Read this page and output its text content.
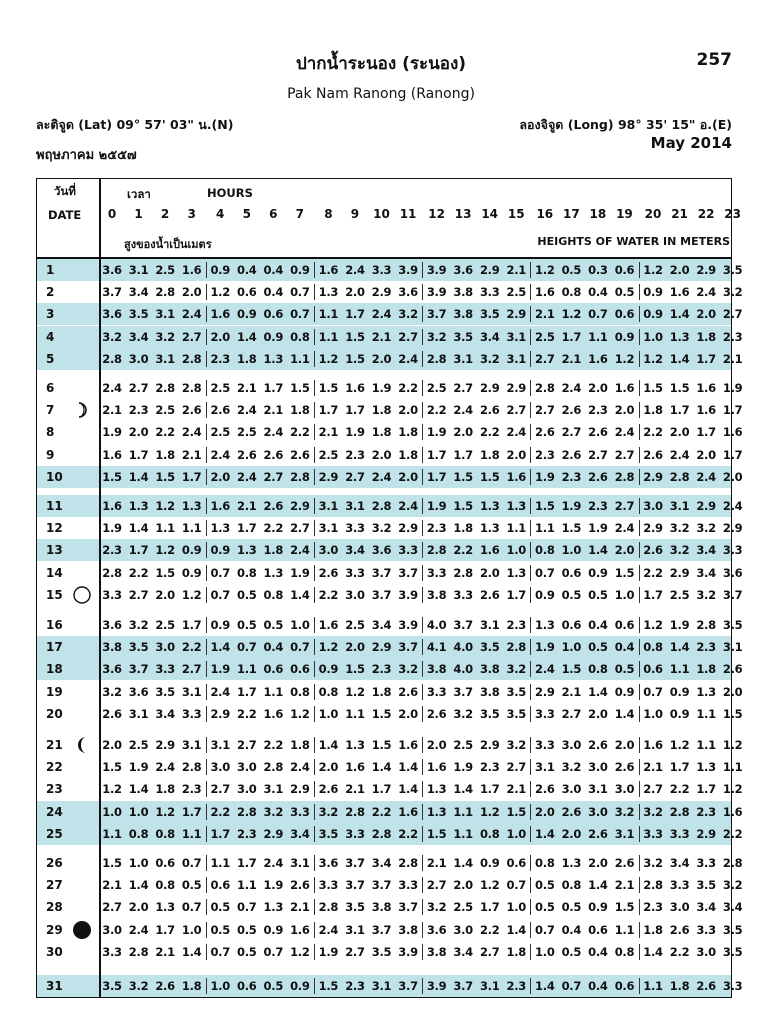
ปากน้ำระนอง (ระนอง)	257
Pak Nam Ranong (Ranong)
ละติจูด (Lat) 09° 57' 03" น.(N)	ลองจิจูด (Long) 98° 35' 15" อ.(E)
พฤษภาคม ๒๕๕๗
May 2014
วันที่
DATE
เวลา	HOURS
สูงของน้ำเป็นเมตร	HEIGHTS OF WATER IN METERS
0	1	2	3	4	5	6	7	8	9	10 11 12 13 14 15 16 17 18 19 20 21 22 23
1	3.6 3.1 2.5 1.6 0.9 0.4 0.4 0.9 1.6 2.4 3.3 3.9 3.9 3.6 2.9 2.1 1.2 0.5 0.3 0.6 1.2 2.0 2.9 3.5
2	3.7 3.4 2.8 2.0 1.2 0.6 0.4 0.7 1.3 2.0 2.9 3.6 3.9 3.8 3.3 2.5 1.6 0.8 0.4 0.5 0.9 1.6 2.4 3.2
3	3.6 3.5 3.1 2.4 1.6 0.9 0.6 0.7 1.1 1.7 2.4 3.2 3.7 3.8 3.5 2.9 2.1 1.2 0.7 0.6 0.9 1.4 2.0 2.7
4	3.2 3.4 3.2 2.7 2.0 1.4 0.9 0.8 1.1 1.5 2.1 2.7 3.2 3.5 3.4 3.1 2.5 1.7 1.1 0.9 1.0 1.3 1.8 2.3
5	2.8 3.0 3.1 2.8 2.3 1.8 1.3 1.1 1.2 1.5 2.0 2.4 2.8 3.1 3.2 3.1 2.7 2.1 1.6 1.2 1.2 1.4 1.7 2.1
6	2.4 2.7 2.8 2.8 2.5 2.1 1.7 1.5 1.5 1.6 1.9 2.2 2.5 2.7 2.9 2.9 2.8 2.4 2.0 1.6 1.5 1.5 1.6 1.9
7	2.1 2.3 2.5 2.6 2.6 2.4 2.1 1.8 1.7 1.7 1.8 2.0 2.2 2.4 2.6 2.7 2.7 2.6 2.3 2.0 1.8 1.7 1.6 1.7
8	1.9 2.0 2.2 2.4 2.5 2.5 2.4 2.2 2.1 1.9 1.8 1.8 1.9 2.0 2.2 2.4 2.6 2.7 2.6 2.4 2.2 2.0 1.7 1.6
9	1.6 1.7 1.8 2.1 2.4 2.6 2.6 2.6 2.5 2.3 2.0 1.8 1.7 1.7 1.8 2.0 2.3 2.6 2.7 2.7 2.6 2.4 2.0 1.7
10	1.5 1.4 1.5 1.7 2.0 2.4 2.7 2.8 2.9 2.7 2.4 2.0 1.7 1.5 1.5 1.6 1.9 2.3 2.6 2.8 2.9 2.8 2.4 2.0
11	1.6 1.3 1.2 1.3 1.6 2.1 2.6 2.9 3.1 3.1 2.8 2.4 1.9 1.5 1.3 1.3 1.5 1.9 2.3 2.7 3.0 3.1 2.9 2.4
12	1.9 1.4 1.1 1.1 1.3 1.7 2.2 2.7 3.1 3.3 3.2 2.9 2.3 1.8 1.3 1.1 1.1 1.5 1.9 2.4 2.9 3.2 3.2 2.9
13	2.3 1.7 1.2 0.9 0.9 1.3 1.8 2.4 3.0 3.4 3.6 3.3 2.8 2.2 1.6 1.0 0.8 1.0 1.4 2.0 2.6 3.2 3.4 3.3
14	2.8 2.2 1.5 0.9 0.7 0.8 1.3 1.9 2.6 3.3 3.7 3.7 3.3 2.8 2.0 1.3 0.7 0.6 0.9 1.5 2.2 2.9 3.4 3.6
15	3.3 2.7 2.0 1.2 0.7 0.5 0.8 1.4 2.2 3.0 3.7 3.9 3.8 3.3 2.6 1.7 0.9 0.5 0.5 1.0 1.7 2.5 3.2 3.7
16	3.6 3.2 2.5 1.7 0.9 0.5 0.5 1.0 1.6 2.5 3.4 3.9 4.0 3.7 3.1 2.3 1.3 0.6 0.4 0.6 1.2 1.9 2.8 3.5
17	3.8 3.5 3.0 2.2 1.4 0.7 0.4 0.7 1.2 2.0 2.9 3.7 4.1 4.0 3.5 2.8 1.9 1.0 0.5 0.4 0.8 1.4 2.3 3.1
18	3.6 3.7 3.3 2.7 1.9 1.1 0.6 0.6 0.9 1.5 2.3 3.2 3.8 4.0 3.8 3.2 2.4 1.5 0.8 0.5 0.6 1.1 1.8 2.6
19	3.2 3.6 3.5 3.1 2.4 1.7 1.1 0.8 0.8 1.2 1.8 2.6 3.3 3.7 3.8 3.5 2.9 2.1 1.4 0.9 0.7 0.9 1.3 2.0
20	2.6 3.1 3.4 3.3 2.9 2.2 1.6 1.2 1.0 1.1 1.5 2.0 2.6 3.2 3.5 3.5 3.3 2.7 2.0 1.4 1.0 0.9 1.1 1.5
21	2.0 2.5 2.9 3.1 3.1 2.7 2.2 1.8 1.4 1.3 1.5 1.6 2.0 2.5 2.9 3.2 3.3 3.0 2.6 2.0 1.6 1.2 1.1 1.2
22	1.5 1.9 2.4 2.8 3.0 3.0 2.8 2.4 2.0 1.6 1.4 1.4 1.6 1.9 2.3 2.7 3.1 3.2 3.0 2.6 2.1 1.7 1.3 1.1
23	1.2 1.4 1.8 2.3 2.7 3.0 3.1 2.9 2.6 2.1 1.7 1.4 1.3 1.4 1.7 2.1 2.6 3.0 3.1 3.0 2.7 2.2 1.7 1.2
24	1.0 1.0 1.2 1.7 2.2 2.8 3.2 3.3 3.2 2.8 2.2 1.6 1.3 1.1 1.2 1.5 2.0 2.6 3.0 3.2 3.2 2.8 2.3 1.6
25	1.1 0.8 0.8 1.1 1.7 2.3 2.9 3.4 3.5 3.3 2.8 2.2 1.5 1.1 0.8 1.0 1.4 2.0 2.6 3.1 3.3 3.3 2.9 2.2
26	1.5 1.0 0.6 0.7 1.1 1.7 2.4 3.1 3.6 3.7 3.4 2.8 2.1 1.4 0.9 0.6 0.8 1.3 2.0 2.6 3.2 3.4 3.3 2.8
27	2.1 1.4 0.8 0.5 0.6 1.1 1.9 2.6 3.3 3.7 3.7 3.3 2.7 2.0 1.2 0.7 0.5 0.8 1.4 2.1 2.8 3.3 3.5 3.2
28	2.7 2.0 1.3 0.7 0.5 0.7 1.3 2.1 2.8 3.5 3.8 3.7 3.2 2.5 1.7 1.0 0.5 0.5 0.9 1.5 2.3 3.0 3.4 3.4
29	3.0 2.4 1.7 1.0 0.5 0.5 0.9 1.6 2.4 3.1 3.7 3.8 3.6 3.0 2.2 1.4 0.7 0.4 0.6 1.1 1.8 2.6 3.3 3.5
30	3.3 2.8 2.1 1.4 0.7 0.5 0.7 1.2 1.9 2.7 3.5 3.9 3.8 3.4 2.7 1.8 1.0 0.5 0.4 0.8 1.4 2.2 3.0 3.5
31	3.5 3.2 2.6 1.8 1.0 0.6 0.5 0.9 1.5 2.3 3.1 3.7 3.9 3.7 3.1 2.3 1.4 0.7 0.4 0.6 1.1 1.8 2.6 3.3
